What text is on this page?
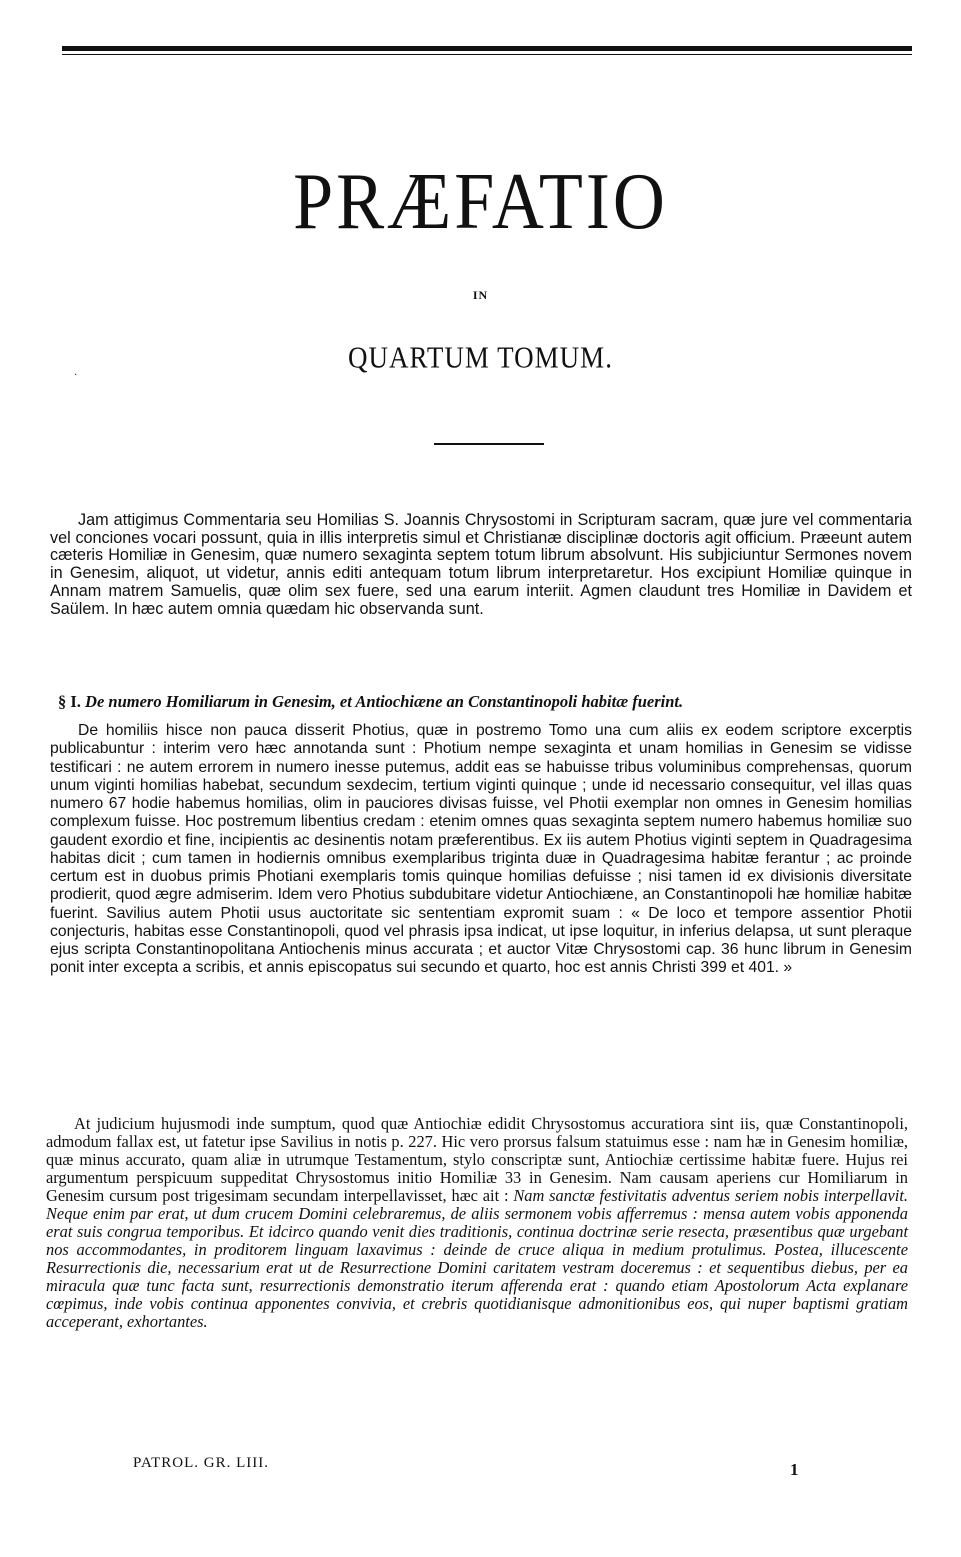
PRÆFATIO
IN
QUARTUM TOMUM.
·

Jam attigimus Commentaria seu Homilias S. Joannis Chrysostomi in Scripturam sacram, quæ jure vel commentaria vel conciones vocari possunt, quia in illis interpretis simul et Christianæ disciplinæ doctoris agit officium. Præeunt autem cæteris Homiliæ in Genesim, quæ numero sexaginta septem totum librum absolvunt. His subjiciuntur Sermones novem in Genesim, aliquot, ut videtur, annis editi antequam totum librum interpretaretur. Hos excipiunt Homiliæ quinque in Annam matrem Samuelis, quæ olim sex fuere, sed una earum interiit. Agmen claudunt tres Homiliæ in Davidem et Saülem. In hæc autem omnia quædam hic observanda sunt.

§ I. De numero Homiliarum in Genesim, et Antiochiæne an Constantinopoli habitæ fuerint.

De homiliis hisce non pauca disserit Photius, quæ in postremo Tomo una cum aliis ex eodem scriptore excerptis publicabuntur : interim vero hæc annotanda sunt : Photium nempe sexaginta et unam homilias in Genesim se vidisse testificari : ne autem errorem in numero inesse putemus, addit eas se habuisse tribus voluminibus comprehensas, quorum unum viginti homilias habebat, secundum sexdecim, tertium viginti quinque ; unde id necessario consequitur, vel illas quas numero 67 hodie habemus homilias, olim in pauciores divisas fuisse, vel Photii exemplar non omnes in Genesim homilias complexum fuisse. Hoc postremum libentius credam : etenim omnes quas sexaginta septem numero habemus homiliæ suo gaudent exordio et fine, incipientis ac desinentis notam præferentibus. Ex iis autem Photius viginti septem in Quadragesima habitas dicit ; cum tamen in hodiernis omnibus exemplaribus triginta duæ in Quadragesima habitæ ferantur ; ac proinde certum est in duobus primis Photiani exemplaris tomis quinque homilias defuisse ; nisi tamen id ex divisionis diversitate prodierit, quod ægre admiserim. Idem vero Photius subdubitare videtur Antiochiæne, an Constantinopoli hæ homiliæ habitæ fuerint. Savilius autem Photii usus auctoritate sic sententiam expromit suam : « De loco et tempore assentior Photii conjecturis, habitas esse Constantinopoli, quod vel phrasis ipsa indicat, ut ipse loquitur, in inferius delapsa, ut sunt pleraque ejus scripta Constantinopolitana Antiochenis minus accurata ; et auctor Vitæ Chrysostomi cap. 36 hunc librum in Genesim ponit inter excepta a scribis, et annis episcopatus sui secundo et quarto, hoc est annis Christi 399 et 401. »

At judicium hujusmodi inde sumptum, quod quæ Antiochiæ edidit Chrysostomus accuratiora sint iis, quæ Constantinopoli, admodum fallax est, ut fatetur ipse Savilius in notis p. 227. Hic vero prorsus falsum statuimus esse : nam hæ in Genesim homiliæ, quæ minus accurato, quam aliæ in utrumque Testamentum, stylo conscriptæ sunt, Antiochiæ certissime habitæ fuere. Hujus rei argumentum perspicuum suppeditat Chrysostomus initio Homiliæ 33 in Genesim. Nam causam aperiens cur Homiliarum in Genesim cursum post trigesimam secundam interpellavisset, hæc ait : Nam sanctæ festivitatis adventus seriem nobis interpellavit. Neque enim par erat, ut dum crucem Domini celebraremus, de aliis sermonem vobis afferremus : mensa autem vobis apponenda erat suis congrua temporibus. Et idcirco quando venit dies traditionis, continua doctrinæ serie resecta, præsentibus quæ urgebant nos accommodantes, in proditorem linguam laxavimus : deinde de cruce aliqua in medium protulimus. Postea, illucescente Resurrectionis die, necessarium erat ut de Resurrectione Domini caritatem vestram doceremus : et sequentibus diebus, per ea miracula quæ tunc facta sunt, resurrectionis demonstratio iterum afferenda erat : quando etiam Apostolorum Acta explanare cœpimus, inde vobis continua apponentes convivia, et crebris quotidianisque admonitionibus eos, qui nuper baptismi gratiam acceperant, exhortantes.

PATROL. GR. LIII.	1
